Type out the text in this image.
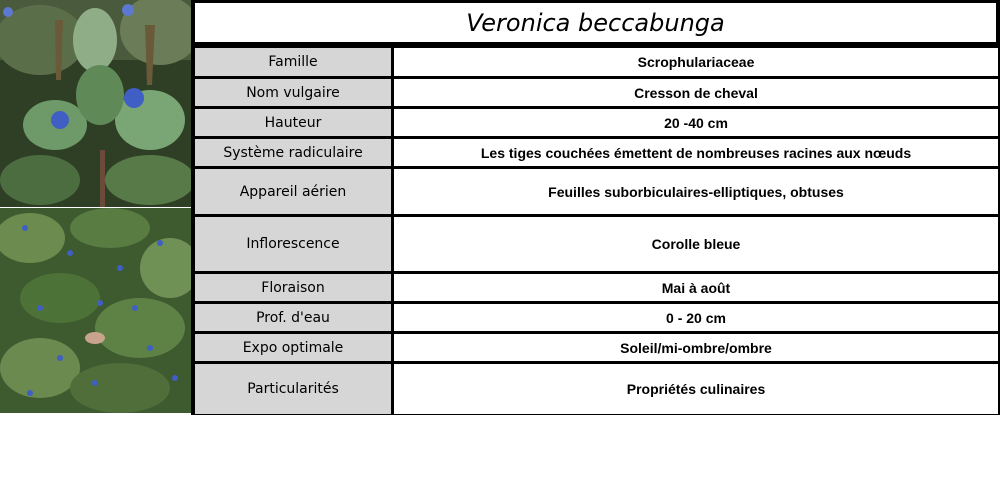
Veronica beccabunga
Famille		Scrophulariaceae
Nom vulgaire		Cresson de cheval
Hauteur		20 -40 cm
Système radiculaire		Les tiges couchées émettent de nombreuses racines aux nœuds
Appareil aérien		Feuilles suborbiculaires-elliptiques, obtuses
Inflorescence		Corolle bleue
Floraison		Mai à août
Prof. d'eau		0 - 20 cm
Expo optimale		Soleil/mi-ombre/ombre
Particularités		Propriétés culinaires
